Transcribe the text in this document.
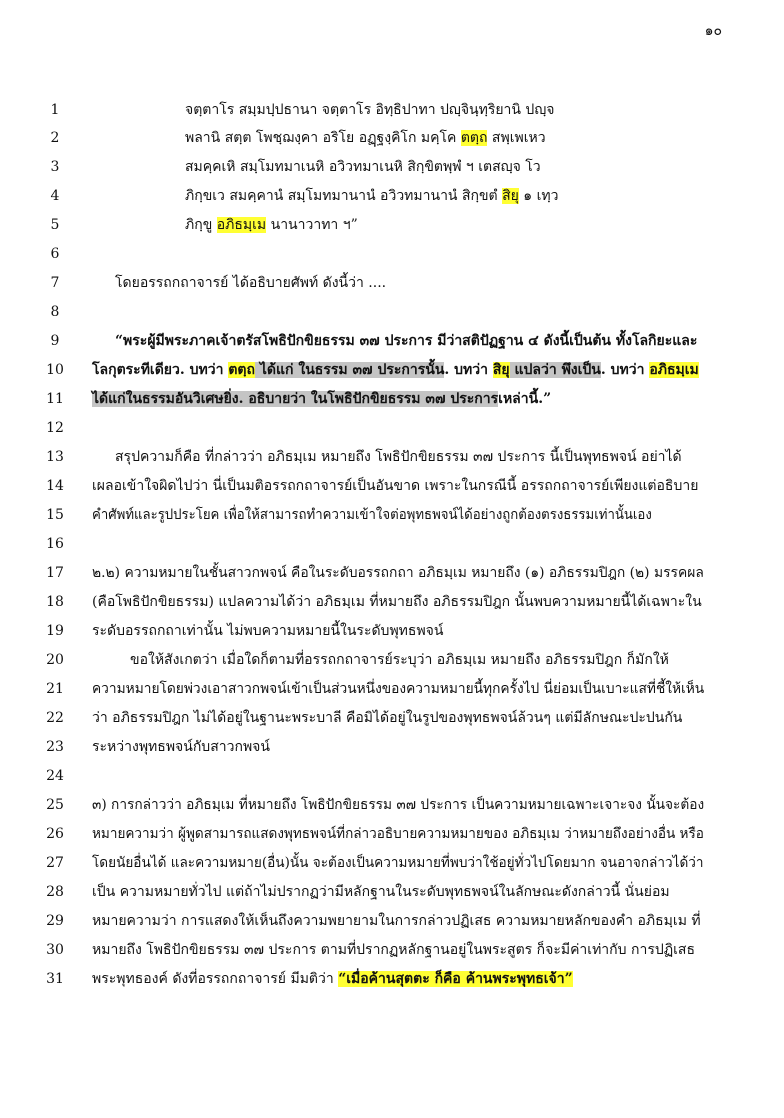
๑๐
1	จตฺตาโร สมฺมปฺปธานา จตฺตาโร อิทฺธิปาทา ปญฺจินฺทฺริยานิ ปญฺจ
2	พลานิ สตฺต โพชฺฌงฺคา อริโย อฏฺฐงฺคิโก มคฺโค ตตฺถ สพฺเพเหว
3	สมคฺคเหิ สมฺโมทมาเนหิ อวิวทมาเนหิ สิกฺขิตพฺพํ ฯ เตสญฺจ โว
4	ภิกฺขเว สมคฺคานํ สมฺโมทมานานํ อวิวทมานานํ สิกฺขตํ สิยุ ๑ เทฺว
5	ภิกฺขู อภิธมฺเม นานาวาทา ฯ”
6
7	โดยอรรถกถาจารย์ ได้อธิบายศัพท์ ดังนี้ว่า ....
8
9	“พระผู้มีพระภาคเจ้าตรัสโพธิปักขิยธรรม ๓๗ ประการ มีว่าสติปัฏฐาน ๔ ดังนี้เป็นต้น ทั้งโลกิยะและ
10	โลกุตระทีเดียว. บทว่า ตตฺถ ได้แก่ ในธรรม ๓๗ ประการนั้น. บทว่า สิยุ แปลว่า พึงเป็น. บทว่า อภิธมฺเม
11	ได้แก่ในธรรมอันวิเศษยิ่ง. อธิบายว่า ในโพธิปักขิยธรรม ๓๗ ประการเหล่านี้.”
12
13	สรุปความก็คือ ที่กล่าวว่า อภิธมฺเม หมายถึง โพธิปักขิยธรรม ๓๗ ประการ นี้เป็นพุทธพจน์ อย่าได้
14	เผลอเข้าใจผิดไปว่า นี่เป็นมติอรรถกถาจารย์เป็นอันขาด เพราะในกรณีนี้ อรรถกถาจารย์เพียงแต่อธิบาย
15	คำศัพท์และรูปประโยค เพื่อให้สามารถทำความเข้าใจต่อพุทธพจน์ได้อย่างถูกต้องตรงธรรมเท่านั้นเอง
16
17	๒.๒) ความหมายในชั้นสาวกพจน์ คือในระดับอรรถกถา อภิธมฺเม หมายถึง (๑) อภิธรรมปิฎก (๒) มรรคผล
18	(คือโพธิปักขิยธรรม) แปลความได้ว่า อภิธมฺเม ที่หมายถึง อภิธรรมปิฎก นั้นพบความหมายนี้ได้เฉพาะใน
19	ระดับอรรถกถาเท่านั้น ไม่พบความหมายนี้ในระดับพุทธพจน์
20	ขอให้สังเกตว่า เมื่อใดก็ตามที่อรรถกถาจารย์ระบุว่า อภิธมฺเม หมายถึง อภิธรรมปิฎก ก็มักให้
21	ความหมายโดยพ่วงเอาสาวกพจน์เข้าเป็นส่วนหนึ่งของความหมายนี้ทุกครั้งไป นี่ย่อมเป็นเบาะแสที่ชี้ให้เห็น
22	ว่า อภิธรรมปิฎก ไม่ได้อยู่ในฐานะพระบาลี คือมิได้อยู่ในรูปของพุทธพจน์ล้วนๆ แต่มีลักษณะปะปนกัน
23	ระหว่างพุทธพจน์กับสาวกพจน์
24
25	๓) การกล่าวว่า อภิธมฺเม ที่หมายถึง โพธิปักขิยธรรม ๓๗ ประการ เป็นความหมายเฉพาะเจาะจง นั้นจะต้อง
26	หมายความว่า ผู้พูดสามารถแสดงพุทธพจน์ที่กล่าวอธิบายความหมายของ อภิธมฺเม ว่าหมายถึงอย่างอื่น หรือ
27	โดยนัยอื่นได้ และความหมาย(อื่น)นั้น จะต้องเป็นความหมายที่พบว่าใช้อยู่ทั่วไปโดยมาก จนอาจกล่าวได้ว่า
28	เป็น ความหมายทั่วไป แต่ถ้าไม่ปรากฏว่ามีหลักฐานในระดับพุทธพจน์ในลักษณะดังกล่าวนี้ นั่นย่อม
29	หมายความว่า การแสดงให้เห็นถึงความพยายามในการกล่าวปฏิเสธ ความหมายหลักของคำ อภิธมฺเม ที่
30	หมายถึง โพธิปักขิยธรรม ๓๗ ประการ ตามที่ปรากฏหลักฐานอยู่ในพระสูตร ก็จะมีค่าเท่ากับ การปฏิเสธ
31	พระพุทธองค์ ดังที่อรรถกถาจารย์ มีมติว่า “เมื่อค้านสุตตะ ก็คือ ค้านพระพุทธเจ้า”
